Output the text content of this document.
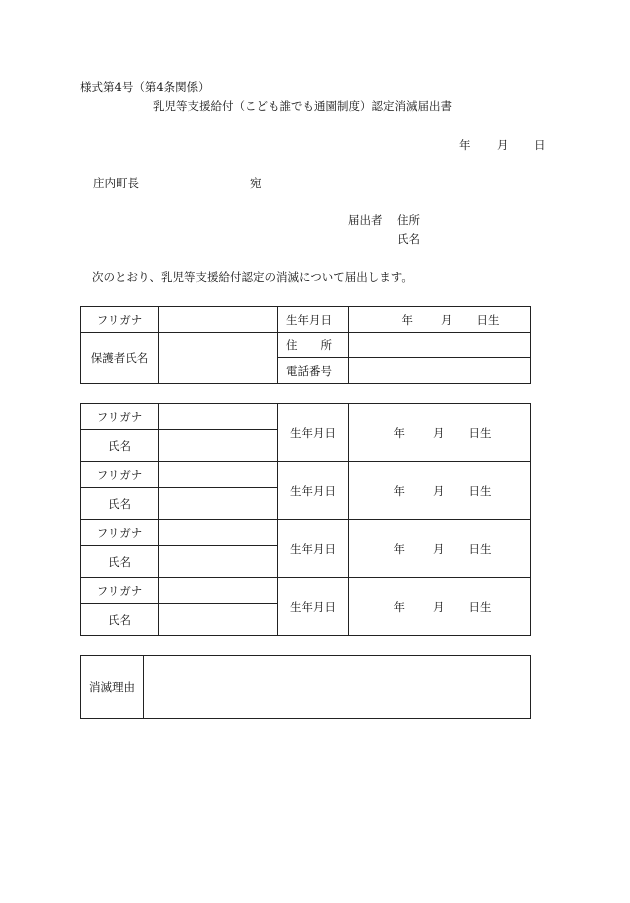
様式第4号（第4条関係）
乳児等支援給付（こども誰でも通園制度）認定消滅届出書
年 月 日
庄内町長	宛
届出者 住所
氏名
次のとおり、乳児等支援給付認定の消滅について届出します。
フリガナ		生年月日	年 月 日生
保護者氏名		住　　所	
		電話番号	
フリガナ		生年月日	年 月 日生
氏名			
フリガナ		生年月日	年 月 日生
氏名			
フリガナ		生年月日	年 月 日生
氏名			
フリガナ		生年月日	年 月 日生
氏名			
消滅理由	
